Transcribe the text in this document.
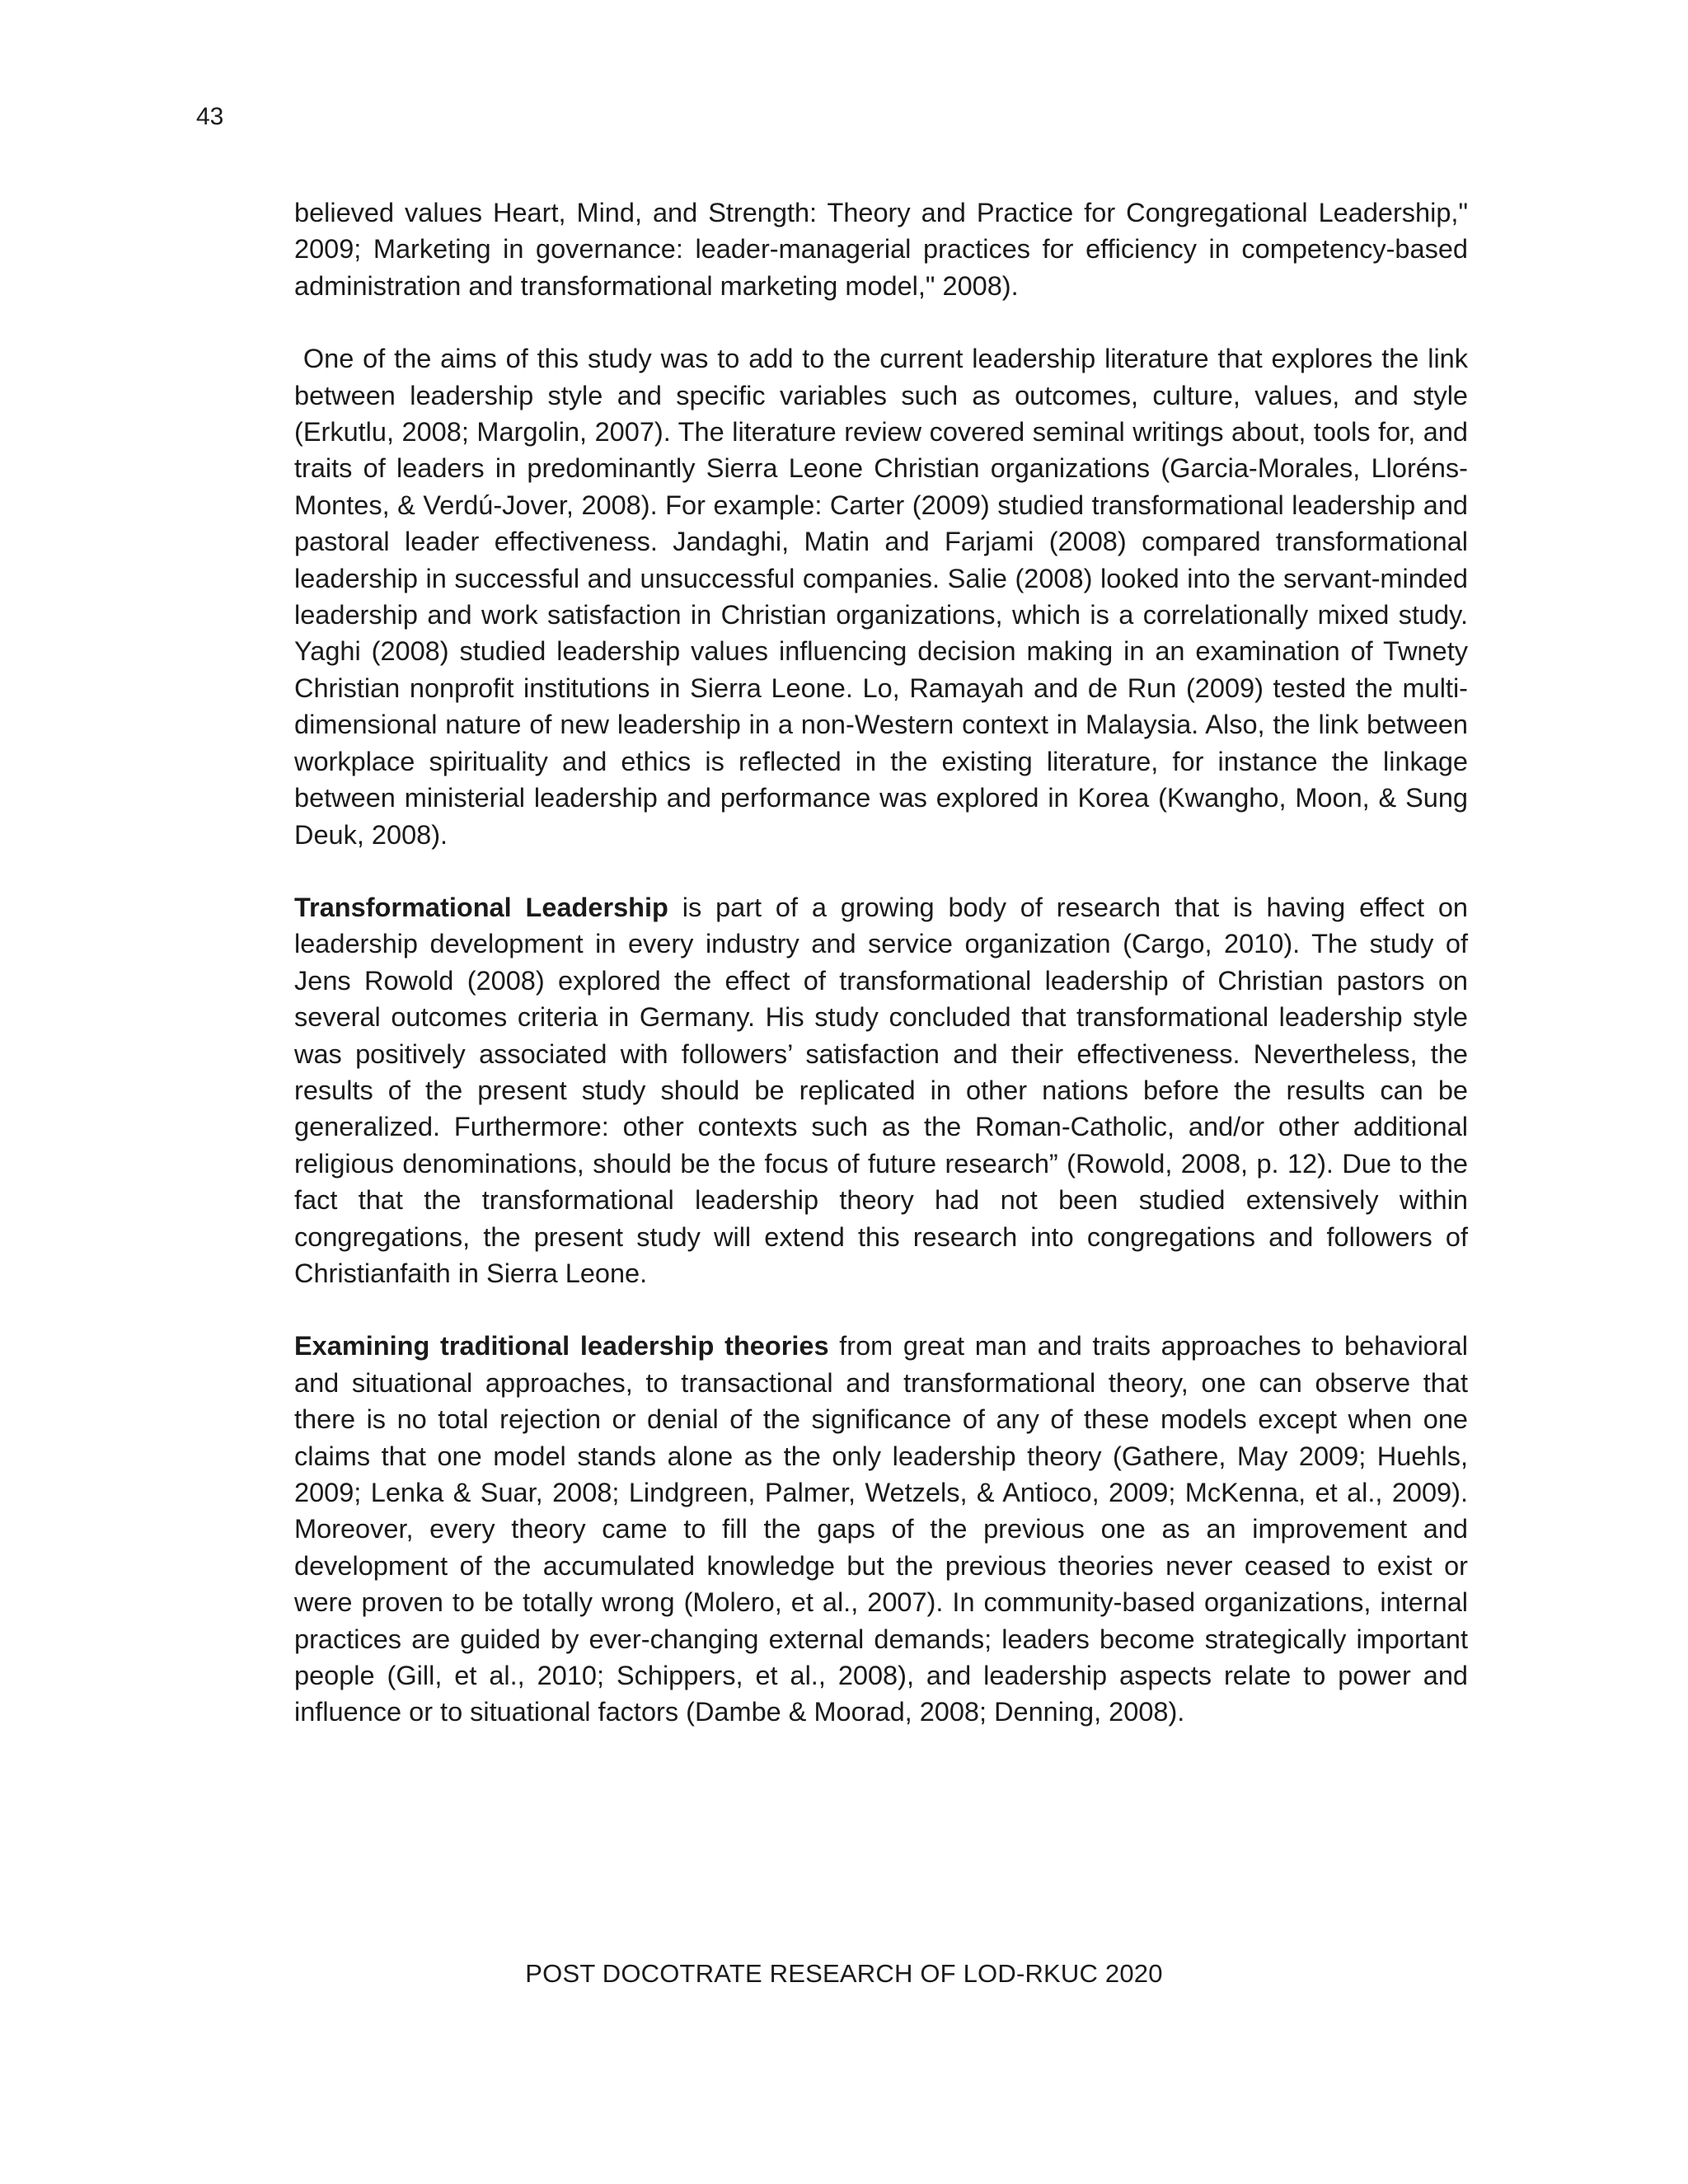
43

believed values Heart, Mind, and Strength: Theory and Practice for Congregational Leadership," 2009; Marketing in governance: leader-managerial practices for efficiency in competency-based administration and transformational marketing model," 2008).

One of the aims of this study was to add to the current leadership literature that explores the link between leadership style and specific variables such as outcomes, culture, values, and style (Erkutlu, 2008; Margolin, 2007). The literature review covered seminal writings about, tools for, and traits of leaders in predominantly Sierra Leone Christian organizations (Garcia-Morales, Lloréns-Montes, & Verdú-Jover, 2008). For example: Carter (2009) studied transformational leadership and pastoral leader effectiveness. Jandaghi, Matin and Farjami (2008) compared transformational leadership in successful and unsuccessful companies. Salie (2008) looked into the servant-minded leadership and work satisfaction in Christian organizations, which is a correlationally mixed study. Yaghi (2008) studied leadership values influencing decision making in an examination of Twnety Christian nonprofit institutions in Sierra Leone. Lo, Ramayah and de Run (2009) tested the multi-dimensional nature of new leadership in a non-Western context in Malaysia. Also, the link between workplace spirituality and ethics is reflected in the existing literature, for instance the linkage between ministerial leadership and performance was explored in Korea (Kwangho, Moon, & Sung Deuk, 2008).

Transformational Leadership is part of a growing body of research that is having effect on leadership development in every industry and service organization (Cargo, 2010). The study of Jens Rowold (2008) explored the effect of transformational leadership of Christian pastors on several outcomes criteria in Germany. His study concluded that transformational leadership style was positively associated with followers’ satisfaction and their effectiveness. Nevertheless, the results of the present study should be replicated in other nations before the results can be generalized. Furthermore: other contexts such as the Roman-Catholic, and/or other additional religious denominations, should be the focus of future research” (Rowold, 2008, p. 12). Due to the fact that the transformational leadership theory had not been studied extensively within congregations, the present study will extend this research into congregations and followers of Christianfaith in Sierra Leone.

Examining traditional leadership theories from great man and traits approaches to behavioral and situational approaches, to transactional and transformational theory, one can observe that there is no total rejection or denial of the significance of any of these models except when one claims that one model stands alone as the only leadership theory (Gathere, May 2009; Huehls, 2009; Lenka & Suar, 2008; Lindgreen, Palmer, Wetzels, & Antioco, 2009; McKenna, et al., 2009). Moreover, every theory came to fill the gaps of the previous one as an improvement and development of the accumulated knowledge but the previous theories never ceased to exist or were proven to be totally wrong (Molero, et al., 2007). In community-based organizations, internal practices are guided by ever-changing external demands; leaders become strategically important people (Gill, et al., 2010; Schippers, et al., 2008), and leadership aspects relate to power and influence or to situational factors (Dambe & Moorad, 2008; Denning, 2008).

POST DOCOTRATE RESEARCH OF LOD-RKUC 2020
